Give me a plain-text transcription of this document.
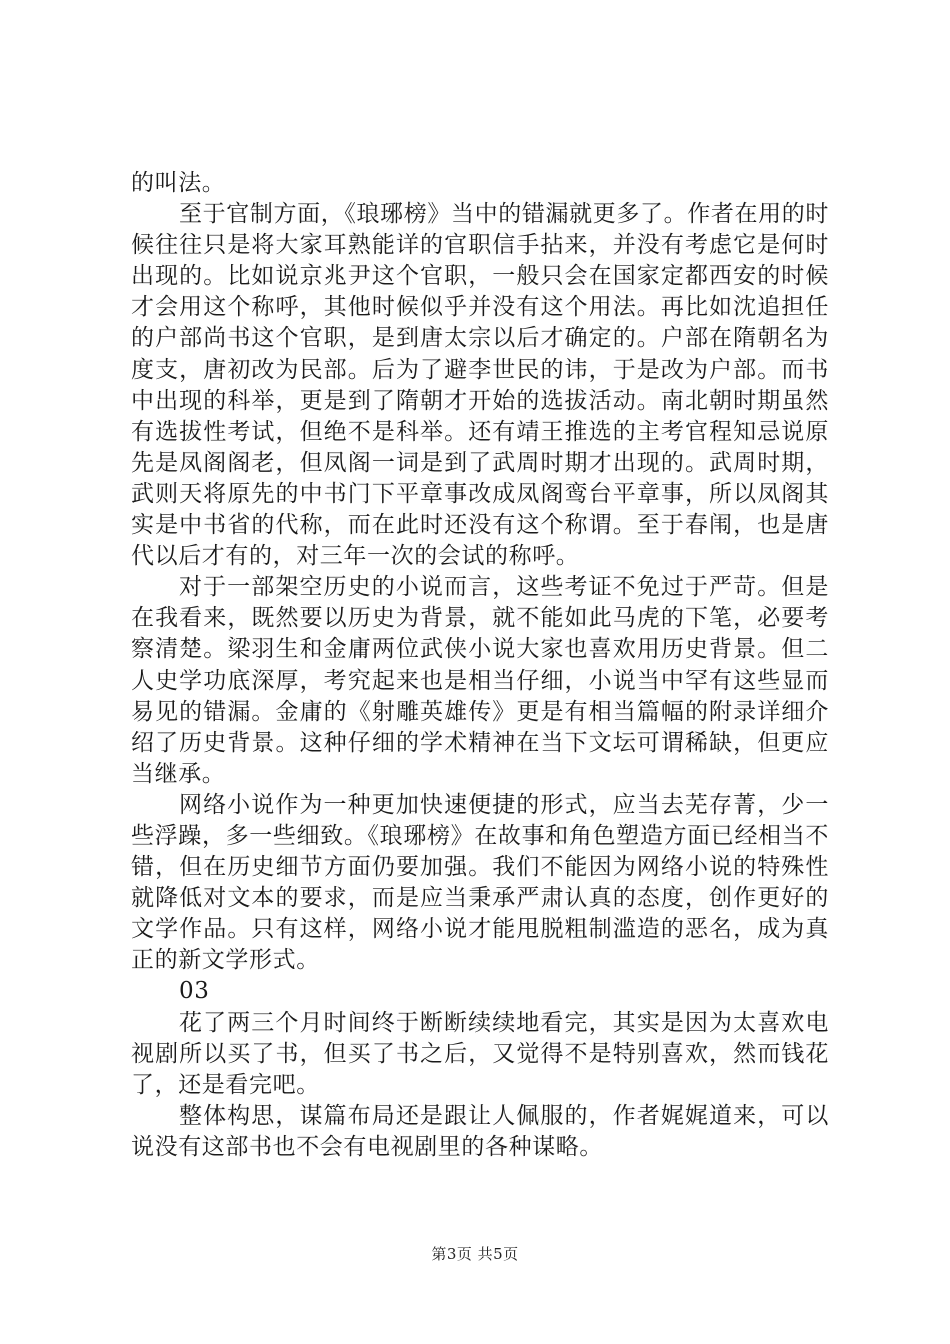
的叫法。

至于官制方面，《琅琊榜》当中的错漏就更多了。作者在用的时候往往只是将大家耳熟能详的官职信手拈来，并没有考虑它是何时出现的。比如说京兆尹这个官职，一般只会在国家定都西安的时候才会用这个称呼，其他时候似乎并没有这个用法。再比如沈追担任的户部尚书这个官职，是到唐太宗以后才确定的。户部在隋朝名为度支，唐初改为民部。后为了避李世民的讳，于是改为户部。而书中出现的科举，更是到了隋朝才开始的选拔活动。南北朝时期虽然有选拔性考试，但绝不是科举。还有靖王推选的主考官程知忌说原先是凤阁阁老，但凤阁一词是到了武周时期才出现的。武周时期，武则天将原先的中书门下平章事改成凤阁鸾台平章事，所以凤阁其实是中书省的代称，而在此时还没有这个称谓。至于春闱，也是唐代以后才有的，对三年一次的会试的称呼。

对于一部架空历史的小说而言，这些考证不免过于严苛。但是在我看来，既然要以历史为背景，就不能如此马虎的下笔，必要考察清楚。梁羽生和金庸两位武侠小说大家也喜欢用历史背景。但二人史学功底深厚，考究起来也是相当仔细，小说当中罕有这些显而易见的错漏。金庸的《射雕英雄传》更是有相当篇幅的附录详细介绍了历史背景。这种仔细的学术精神在当下文坛可谓稀缺，但更应当继承。

网络小说作为一种更加快速便捷的形式，应当去芜存菁，少一些浮躁，多一些细致。《琅琊榜》在故事和角色塑造方面已经相当不错，但在历史细节方面仍要加强。我们不能因为网络小说的特殊性就降低对文本的要求，而是应当秉承严肃认真的态度，创作更好的文学作品。只有这样，网络小说才能甩脱粗制滥造的恶名，成为真正的新文学形式。

03

花了两三个月时间终于断断续续地看完，其实是因为太喜欢电视剧所以买了书，但买了书之后，又觉得不是特别喜欢，然而钱花了，还是看完吧。

整体构思，谋篇布局还是跟让人佩服的，作者娓娓道来，可以说没有这部书也不会有电视剧里的各种谋略。

第3页 共5页
